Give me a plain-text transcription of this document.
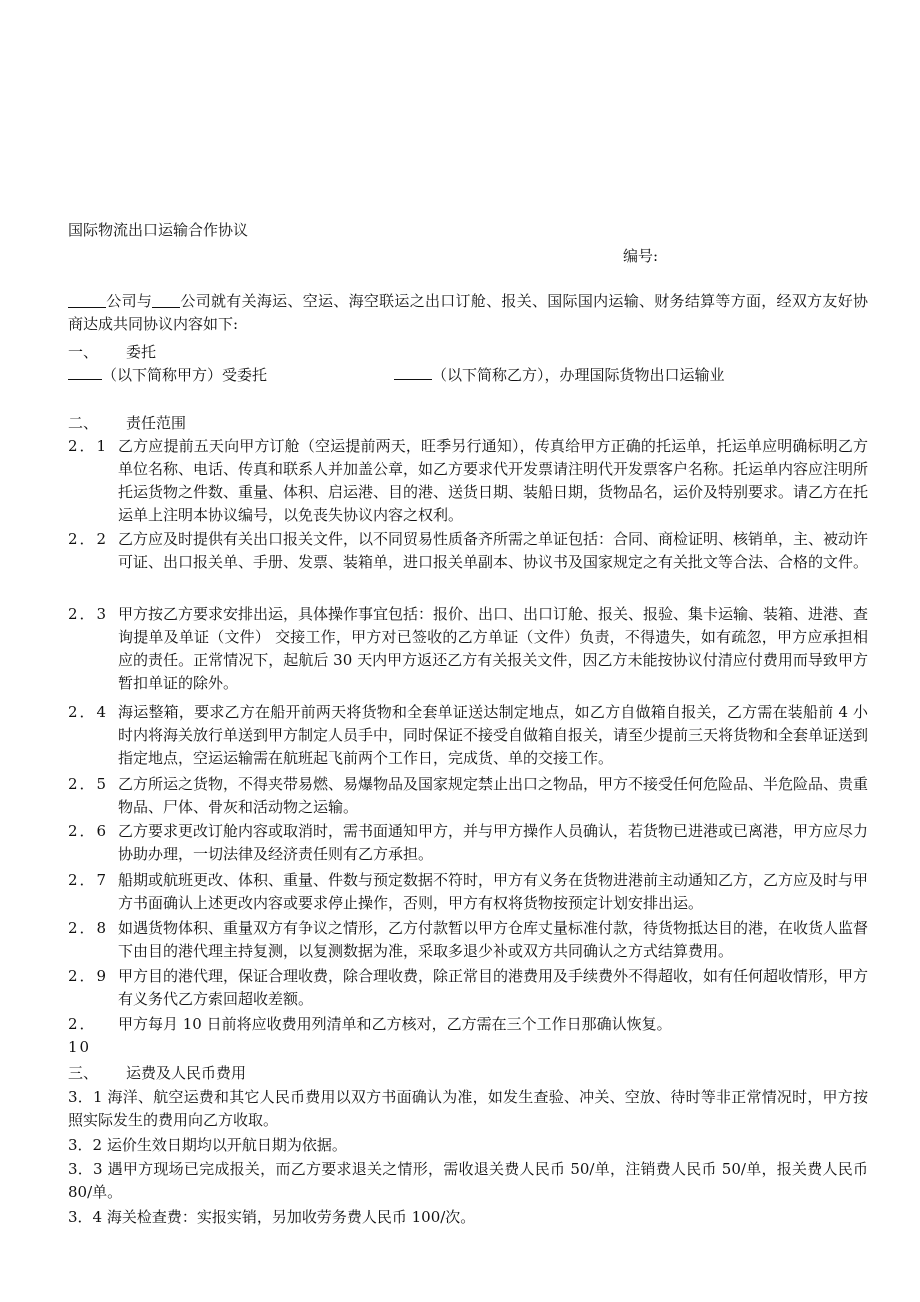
国际物流出口运输合作协议
编号:
公司与 公司就有关海运、空运、海空联运之出口订舱、报关、国际国内运输、财务结算等方面，经双方友好协商达成共同协议内容如下:
一、	委托
（以下简称甲方）受委托	（以下简称乙方），办理国际货物出口运输业
二、	责任范围
2．1 乙方应提前五天向甲方订舱（空运提前两天，旺季另行通知），传真给甲方正确的托运单，托运单应明确标明乙方单位名称、电话、传真和联系人并加盖公章，如乙方要求代开发票请注明代开发票客户名称。托运单内容应注明所托运货物之件数、重量、体积、启运港、目的港、送货日期、装船日期，货物品名，运价及特别要求。请乙方在托运单上注明本协议编号，以免丧失协议内容之权利。
2．2 乙方应及时提供有关出口报关文件，以不同贸易性质备齐所需之单证包括：合同、商检证明、核销单，主、被动许可证、出口报关单、手册、发票、装箱单，进口报关单副本、协议书及国家规定之有关批文等合法、合格的文件。
2．3 甲方按乙方要求安排出运，具体操作事宜包括：报价、出口、出口订舱、报关、报验、集卡运输、装箱、进港、查询提单及单证（文件） 交接工作，甲方对已签收的乙方单证（文件）负责，不得遗失，如有疏忽，甲方应承担相应的责任。正常情况下，起航后 30 天内甲方返还乙方有关报关文件，因乙方未能按协议付清应付费用而导致甲方暂扣单证的除外。
2．4 海运整箱，要求乙方在船开前两天将货物和全套单证送达制定地点，如乙方自做箱自报关，乙方需在装船前 4 小时内将海关放行单送到甲方制定人员手中，同时保证不接受自做箱自报关，请至少提前三天将货物和全套单证送到指定地点，空运运输需在航班起飞前两个工作日，完成货、单的交接工作。
2．5 乙方所运之货物，不得夹带易燃、易爆物品及国家规定禁止出口之物品，甲方不接受任何危险品、半危险品、贵重物品、尸体、骨灰和活动物之运输。
2．6 乙方要求更改订舱内容或取消时，需书面通知甲方，并与甲方操作人员确认，若货物已进港或已离港，甲方应尽力协助办理，一切法律及经济责任则有乙方承担。
2．7 船期或航班更改、体积、重量、件数与预定数据不符时，甲方有义务在货物进港前主动通知乙方，乙方应及时与甲方书面确认上述更改内容或要求停止操作，否则，甲方有权将货物按预定计划安排出运。
2．8 如遇货物体积、重量双方有争议之情形，乙方付款暂以甲方仓库丈量标准付款，待货物抵达目的港，在收货人监督下由目的港代理主持复测，以复测数据为准，采取多退少补或双方共同确认之方式结算费用。
2．9 甲方目的港代理，保证合理收费，除合理收费，除正常目的港费用及手续费外不得超收，如有任何超收情形，甲方有义务代乙方索回超收差额。
2．10
甲方每月 10 日前将应收费用列清单和乙方核对，乙方需在三个工作日那确认恢复。
三、	运费及人民币费用
3．1 海洋、航空运费和其它人民币费用以双方书面确认为准，如发生查验、冲关、空放、待时等非正常情况时，甲方按照实际发生的费用向乙方收取。
3．2 运价生效日期均以开航日期为依据。
3．3 遇甲方现场已完成报关，而乙方要求退关之情形，需收退关费人民币 50/单，注销费人民币 50/单，报关费人民币 80/单。
3．4 海关检查费：实报实销，另加收劳务费人民币 100/次。
